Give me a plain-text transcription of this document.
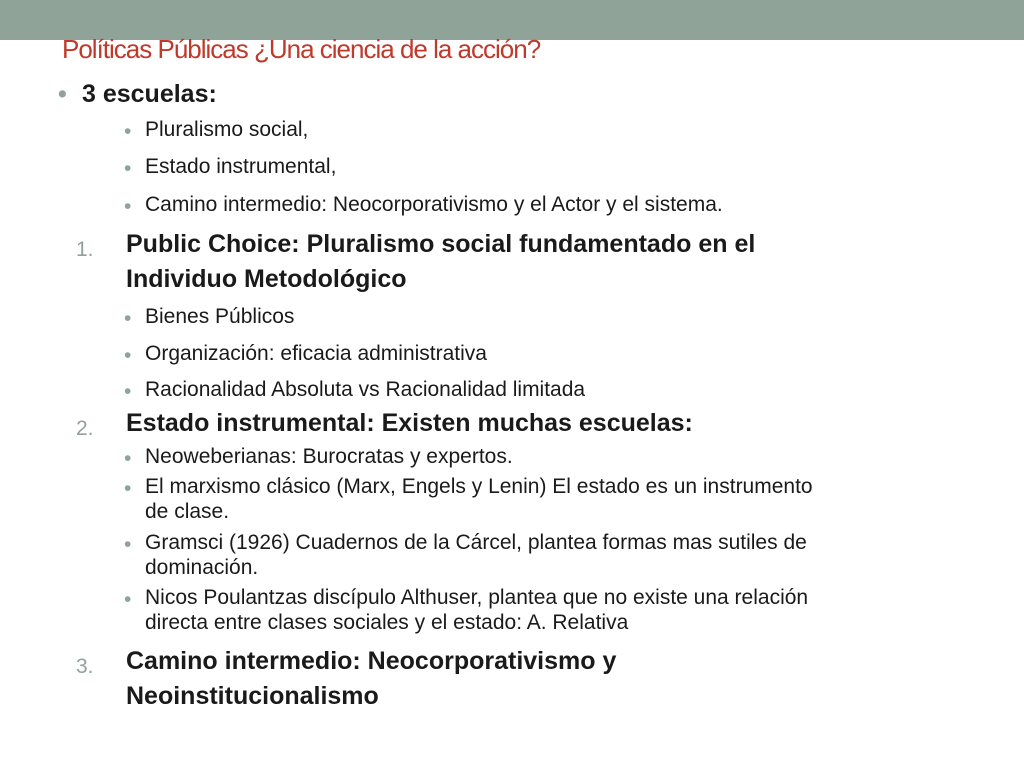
Políticas Públicas ¿Una ciencia de la acción?
• 3 escuelas:
• Pluralismo social,
• Estado instrumental,
• Camino intermedio: Neocorporativismo y el Actor y el sistema.
1. Public Choice: Pluralismo social fundamentado en el
Individuo Metodológico
• Bienes Públicos
• Organización: eficacia administrativa
• Racionalidad Absoluta vs Racionalidad limitada
2. Estado instrumental: Existen muchas escuelas:
• Neoweberianas: Burocratas y expertos.
• El marxismo clásico (Marx, Engels y Lenin) El estado es un instrumento
de clase.
• Gramsci (1926) Cuadernos de la Cárcel, plantea formas mas sutiles de
dominación.
• Nicos Poulantzas discípulo Althuser, plantea que no existe una relación
directa entre clases sociales y el estado: A. Relativa
3. Camino intermedio: Neocorporativismo y
Neoinstitucionalismo
